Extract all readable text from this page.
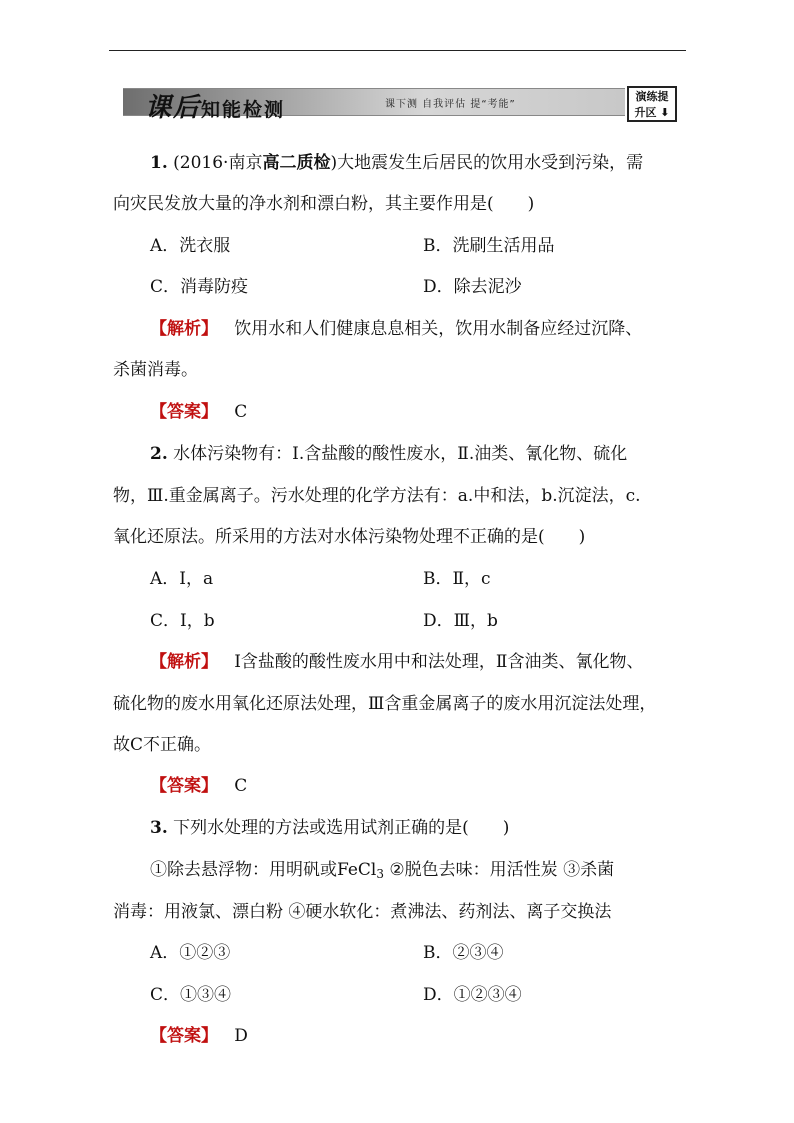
课后知能检测	课下测 自我评估 提“考能”
演练提
升区 ⬇
1. (2016·南京高二质检)大地震发生后居民的饮用水受到污染，需
向灾民发放大量的净水剂和漂白粉，其主要作用是(　　)
A．洗衣服	B．洗刷生活用品
C．消毒防疫	D．除去泥沙
【解析】 饮用水和人们健康息息相关，饮用水制备应经过沉降、
杀菌消毒。
【答案】 C
2. 水体污染物有：Ⅰ.含盐酸的酸性废水，Ⅱ.油类、氰化物、硫化
物，Ⅲ.重金属离子。污水处理的化学方法有：a.中和法，b.沉淀法，c.
氧化还原法。所采用的方法对水体污染物处理不正确的是(　　)
A．Ⅰ，a	B．Ⅱ，c
C．Ⅰ，b	D．Ⅲ，b
【解析】 Ⅰ含盐酸的酸性废水用中和法处理，Ⅱ含油类、氰化物、
硫化物的废水用氧化还原法处理，Ⅲ含重金属离子的废水用沉淀法处理，
故C不正确。
【答案】 C
3. 下列水处理的方法或选用试剂正确的是(　　)
①除去悬浮物：用明矾或FeCl$_3$ ②脱色去味：用活性炭 ③杀菌
消毒：用液氯、漂白粉 ④硬水软化：煮沸法、药剂法、离子交换法
A．①②③	B．②③④
C．①③④	D．①②③④
【答案】 D
